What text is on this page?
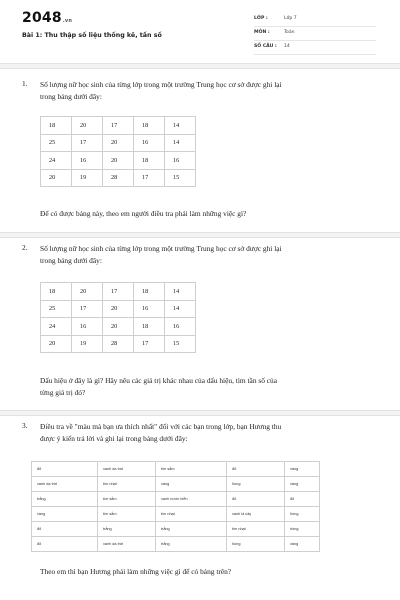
2048.vn
Bài 1: Thu thập số liệu thống kê, tần số
LỚP :	Lớp 7
MÔN :	Toán
SỐ CÂU : 14
1. Số lượng nữ học sinh của từng lớp trong một trường Trung học cơ sở được ghi lại
trong bảng dưới đây:
18	20	17	18	14
25	17	20	16	14
24	16	20	18	16
20	19	28	17	15
Để có được bảng này, theo em người điều tra phải làm những việc gì?
2. Số lượng nữ học sinh của từng lớp trong một trường Trung học cơ sở được ghi lại
trong bảng dưới đây:
18	20	17	18	14
25	17	20	16	14
24	16	20	18	16
20	19	28	17	15
Dấu hiệu ở đây là gì? Hãy nêu các giá trị khác nhau của dấu hiệu, tìm tần số của
từng giá trị đó?
3. Điều tra về "màu mà bạn ưa thích nhất" đối với các bạn trong lớp, bạn Hương thu
được ý kiến trả lời và ghi lại trong bảng dưới đây:
đỏ	xanh da trời	tím sẫm	đỏ	vàng
xanh da trời	tím nhạt	vàng	hồng	vàng
trắng	tím sẫm	xanh nước biển	đỏ	đỏ
vàng	tím sẫm	tím nhạt	xanh lá cây	hồng
đỏ	trắng	trắng	tím nhạt	hồng
đỏ	xanh da trời	trắng	hồng	vàng
Theo em thì bạn Hương phải làm những việc gì để có bảng trên?
